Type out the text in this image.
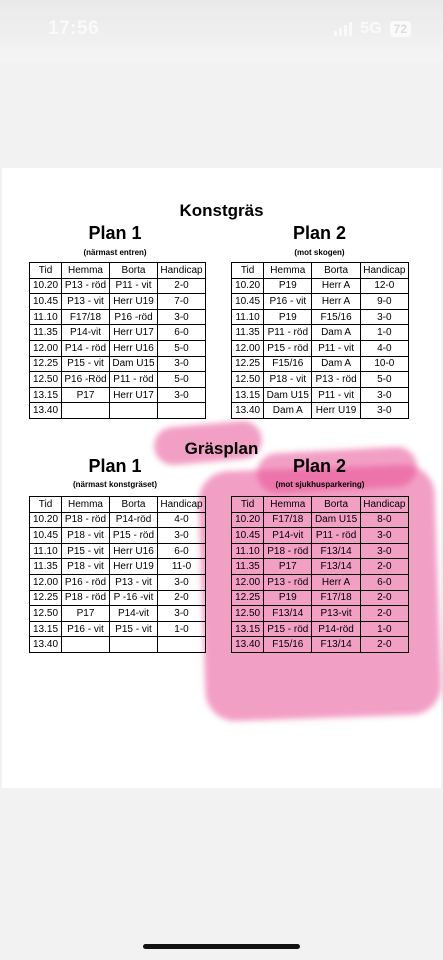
17:56	5G	72
Konstgräs
Plan 1
(närmast entren)
Plan 2
(mot skogen)
Tid	Hemma	Borta	Handicap
10.20	P13 - röd	P11 - vit	2-0
10.45	P13 - vit	Herr U19	7-0
11.10	F17/18	P16 -röd	3-0
11.35	P14-vit	Herr U17	6-0
12.00	P14 - röd	Herr U16	5-0
12.25	P15 - vit	Dam U15	3-0
12.50	P16 -Röd	P11 - röd	5-0
13.15	P17	Herr U17	3-0
13.40			
Tid	Hemma	Borta	Handicap
10.20	P19	Herr A	12-0
10.45	P16 - vit	Herr A	9-0
11.10	P19	F15/16	3-0
11.35	P11 - röd	Dam A	1-0
12.00	P15 - röd	P11 - vit	4-0
12.25	F15/16	Dam A	10-0
12.50	P18 - vit	P13 - röd	5-0
13.15	Dam U15	P11 - vit	3-0
13.40	Dam A	Herr U19	3-0
Gräsplan
Plan 1
(närmast konstgräset)
Plan 2
(mot sjukhusparkering)
Tid	Hemma	Borta	Handicap
10.20	P18 - röd	P14-röd	4-0
10.45	P18 - vit	P15 - röd	3-0
11.10	P15 - vit	Herr U16	6-0
11.35	P18 - vit	Herr U19	11-0
12.00	P16 - röd	P13 - vit	3-0
12.25	P18 - röd	P -16 -vit	2-0
12.50	P17	P14-vit	3-0
13.15	P16 - vit	P15 - vit	1-0
13.40			
Tid	Hemma	Borta	Handicap
10.20	F17/18	Dam U15	8-0
10.45	P14-vit	P11 - röd	3-0
11.10	P18 - röd	F13/14	3-0
11.35	P17	F13/14	2-0
12.00	P13 - röd	Herr A	6-0
12.25	P19	F17/18	2-0
12.50	F13/14	P13-vit	2-0
13.15	P15 - röd	P14-röd	1-0
13.40	F15/16	F13/14	2-0
